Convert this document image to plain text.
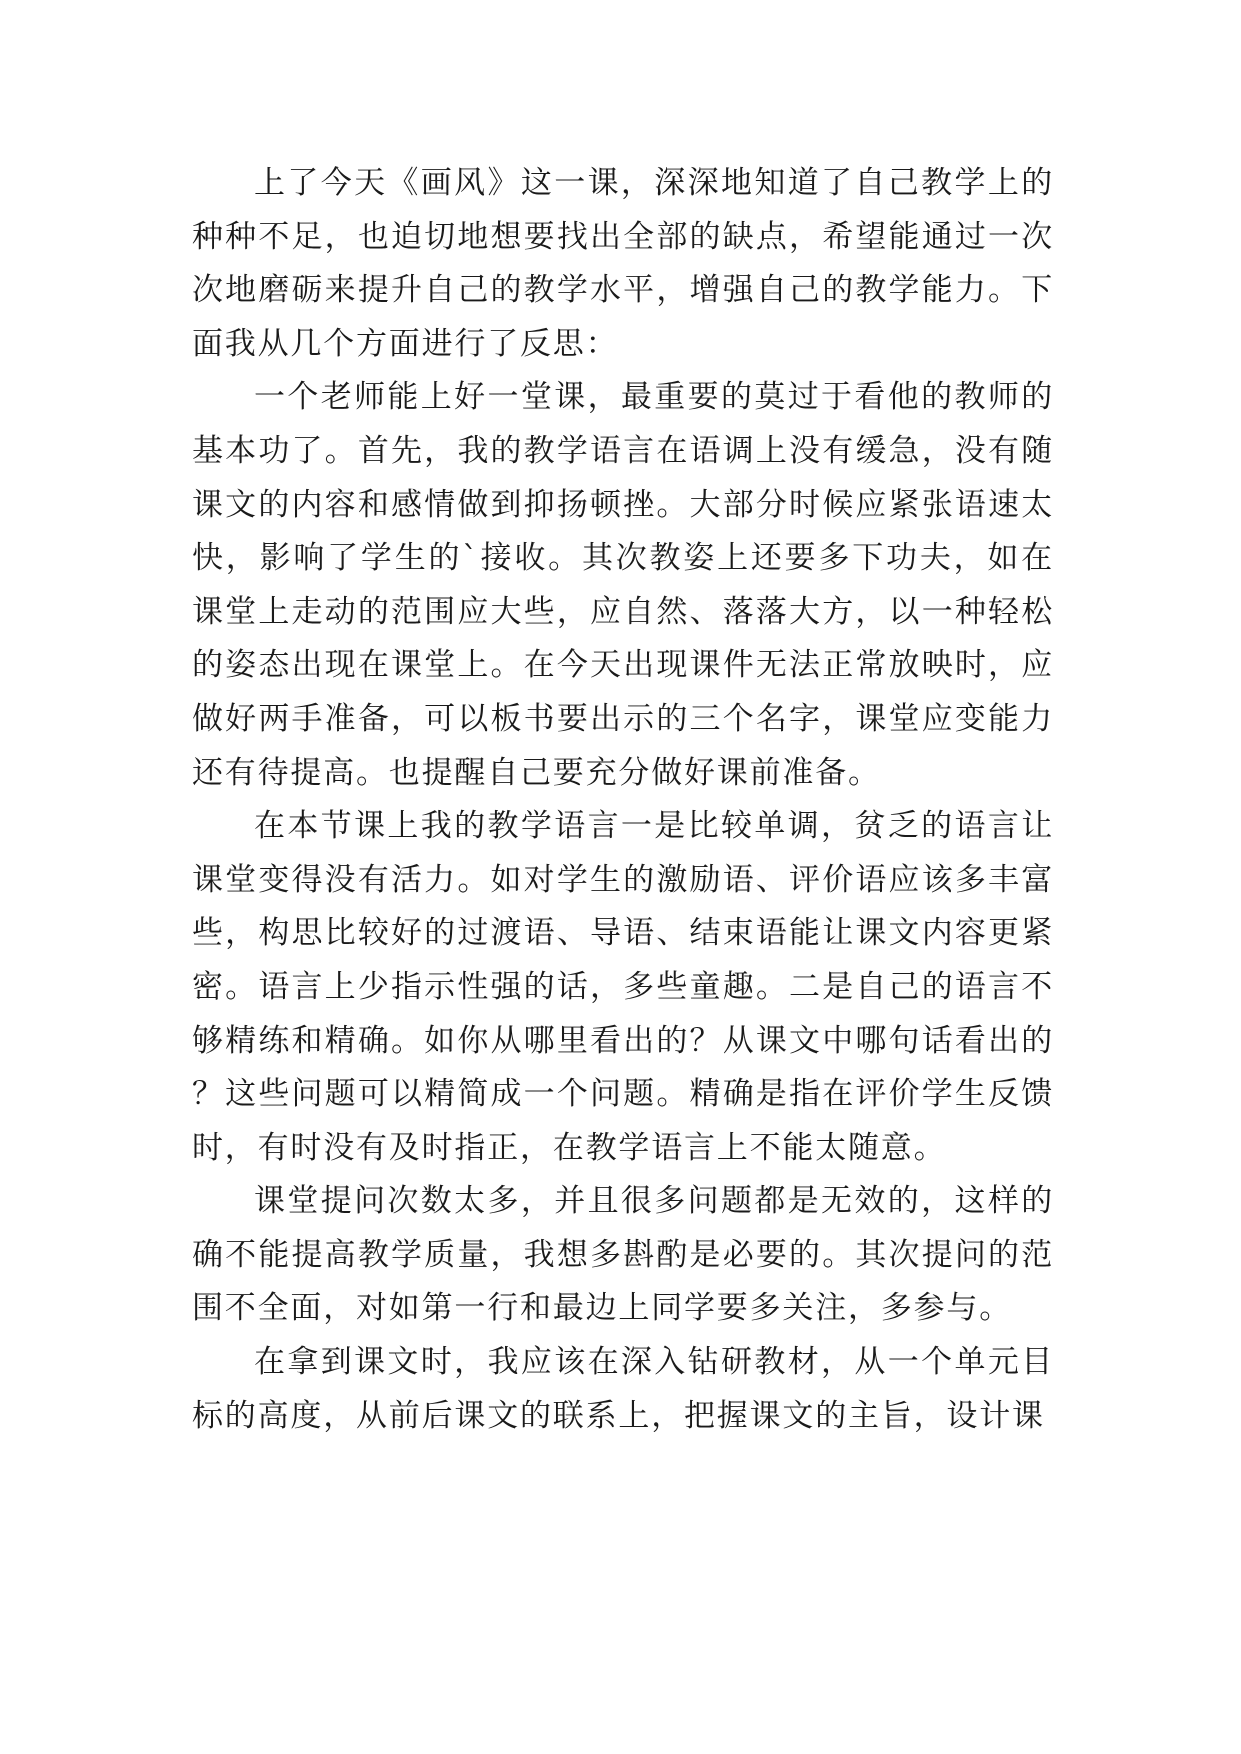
上了今天《画风》这一课，深深地知道了自己教学上的种种不足，也迫切地想要找出全部的缺点，希望能通过一次次地磨砺来提升自己的教学水平，增强自己的教学能力。下面我从几个方面进行了反思：

一个老师能上好一堂课，最重要的莫过于看他的教师的基本功了。首先，我的教学语言在语调上没有缓急，没有随课文的内容和感情做到抑扬顿挫。大部分时候应紧张语速太快，影响了学生的`接收。其次教姿上还要多下功夫，如在课堂上走动的范围应大些，应自然、落落大方，以一种轻松的姿态出现在课堂上。在今天出现课件无法正常放映时，应做好两手准备，可以板书要出示的三个名字，课堂应变能力还有待提高。也提醒自己要充分做好课前准备。

在本节课上我的教学语言一是比较单调，贫乏的语言让课堂变得没有活力。如对学生的激励语、评价语应该多丰富些，构思比较好的过渡语、导语、结束语能让课文内容更紧密。语言上少指示性强的话，多些童趣。二是自己的语言不够精练和精确。如你从哪里看出的？从课文中哪句话看出的？这些问题可以精简成一个问题。精确是指在评价学生反馈时，有时没有及时指正，在教学语言上不能太随意。

课堂提问次数太多，并且很多问题都是无效的，这样的确不能提高教学质量，我想多斟酌是必要的。其次提问的范围不全面，对如第一行和最边上同学要多关注，多参与。

在拿到课文时，我应该在深入钻研教材，从一个单元目标的高度，从前后课文的联系上，把握课文的主旨，设计课
